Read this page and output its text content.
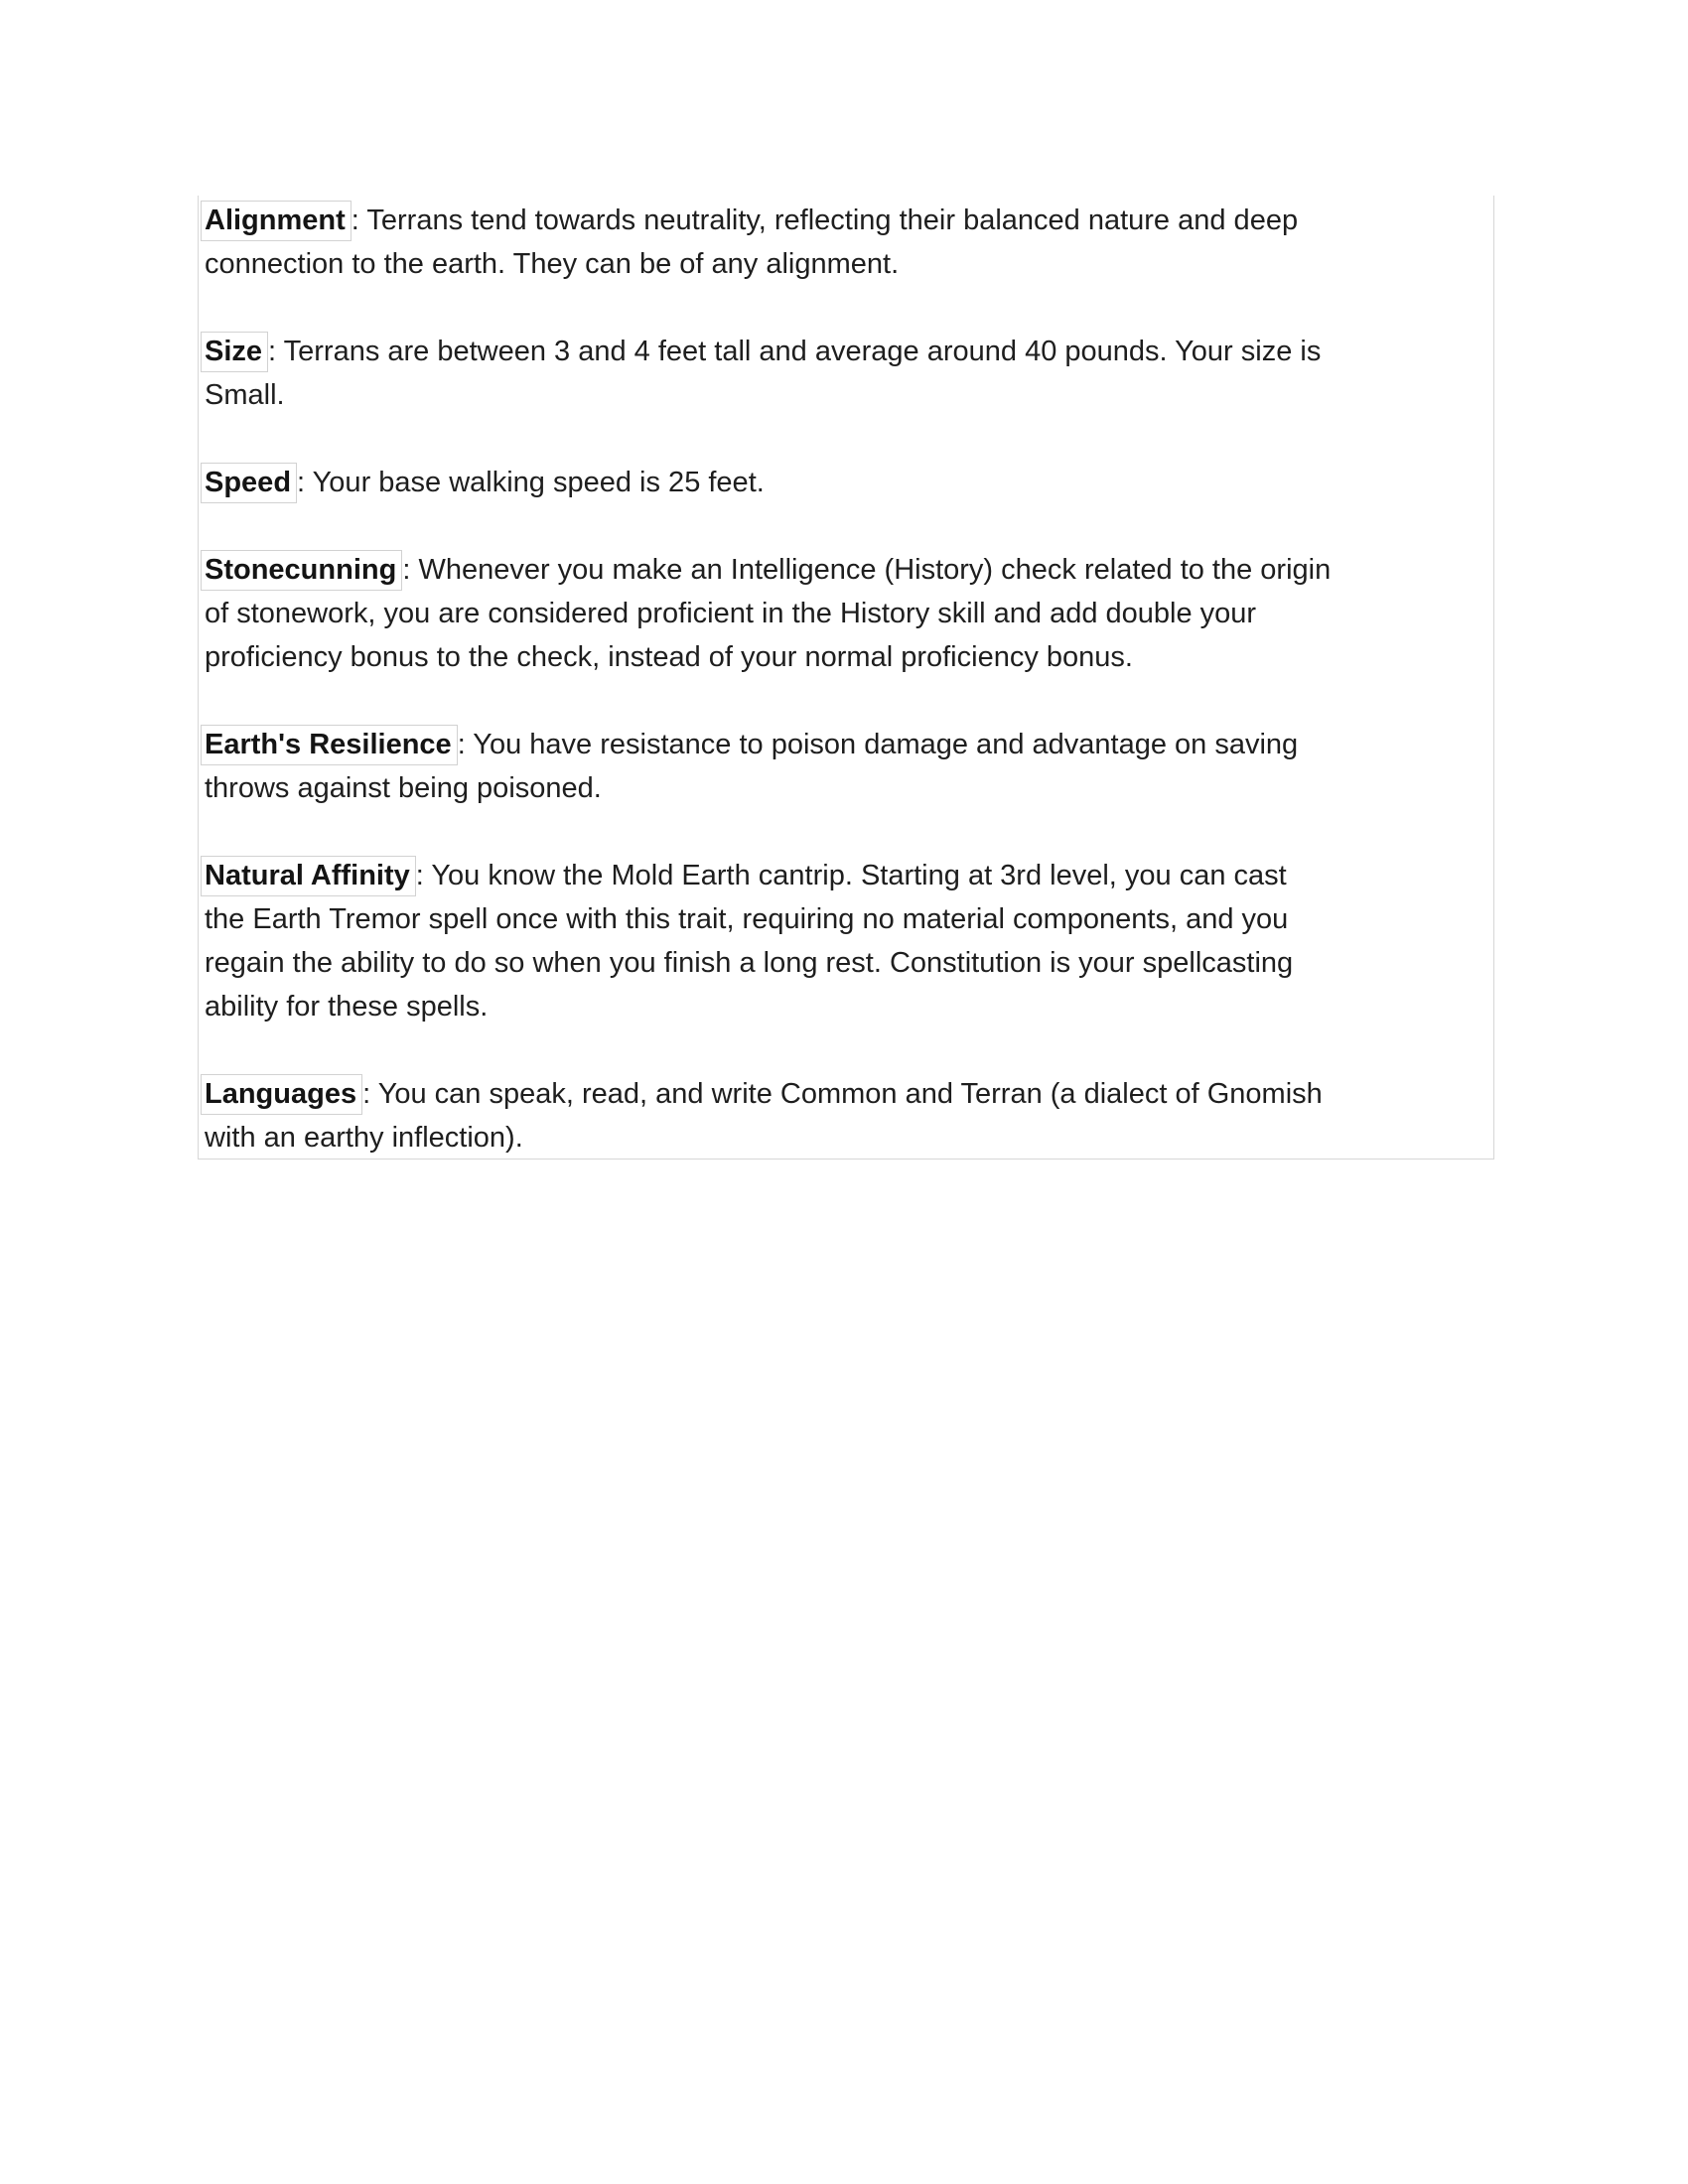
Alignment : Terrans tend towards neutrality, reflecting their balanced nature and deep
connection to the earth. They can be of any alignment.

Size : Terrans are between 3 and 4 feet tall and average around 40 pounds. Your size is
Small.

Speed : Your base walking speed is 25 feet.

Stonecunning : Whenever you make an Intelligence (History) check related to the origin
of stonework, you are considered proficient in the History skill and add double your
proficiency bonus to the check, instead of your normal proficiency bonus.

Earth's Resilience : You have resistance to poison damage and advantage on saving
throws against being poisoned.

Natural Affinity : You know the Mold Earth cantrip. Starting at 3rd level, you can cast
the Earth Tremor spell once with this trait, requiring no material components, and you
regain the ability to do so when you finish a long rest. Constitution is your spellcasting
ability for these spells.

Languages : You can speak, read, and write Common and Terran (a dialect of Gnomish
with an earthy inflection).
